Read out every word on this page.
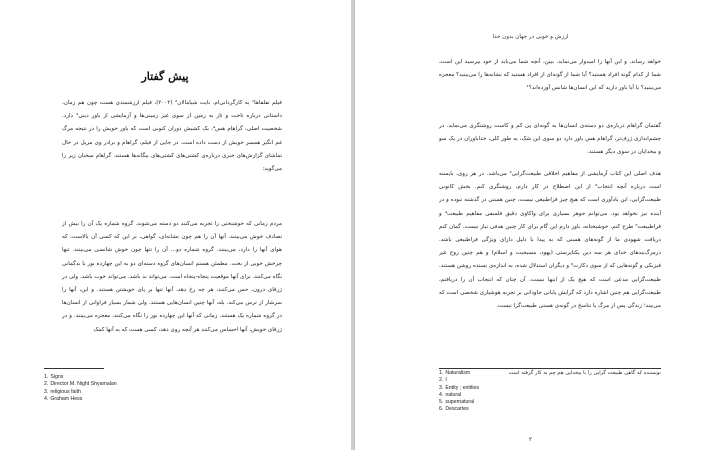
پیش گفتار

فیلم تفلقاها¹ به کارگردانی‌ام. نایت شیامالان² (۲۰۰۲)، فیلم ارزشمندی هست چون هم زمان، داستانی درباره تاخت و تاز به زمین از سوی غیر زمینی‌ها و آزمایشی از باور دینی³ دارد. شخصیت اصلی، گراهام هس⁴، یک کشیش دوران کنونی است که باور خویش را در نتیجه مرگ غم انگیز همسر خویش از دست داده است. در جایی از فیلم، گراهام و برادر وی مریل در حال تماشای گزارش‌های خبری درباره‌ی کشتی‌های کشتی‌های بیگانه‌ها هستند. گراهام سخنان زیر را می‌گوید:

مردم زمانی که خوشبختی را تجربه می‌کنند دو دسته می‌شوند. گروه شماره یک آن را بیش از تصادف خوش می‌بینند. آنها آن را هم چون نشانه‌ای، گواهی، بر این که کسی آن بالاست، که هوای آنها را دارد، می‌بینند. گروه شماره دو... آن را تنها چون خوش شانسی می‌بینند. تنها چرخش خوبی از بخت. مطمئن هستم انسان‌های گروه دسته‌ای دو به این چهارده نور با بدگمانی نگاه می‌کنند. برای آنها موقعیت پنجاه-پنجاه است. می‌تواند بد باشد. می‌تواند خوب باشد. ولی در ژرفای درون، حس می‌کنند، هر چه رخ دهد، آنها تنها بر پای خویشتن هستند. و این، آنها را سرشار از ترس می‌کند. بله، آنها چنین انسان‌هایی هستند. ولی شمار بسیار فراوانی از انسان‌ها در گروه شماره یک هستند. زمانی که آنها این چهارده نور را نگاه می‌کنند، معجزه می‌بینند. و در ژرفای خویش، آنها احساس می‌کنند هر آنچه روی دهد، کسی هست که به آنها کمک

1. Signs
2. Director M. Night Shyamalan
3. religious faith
4. Graham Hess
ارزش و خوبی در جهان بدون خدا

خواهد رساند. و این آنها را امیدوار می‌نماید. ببین، آنچه شما می‌باید از خود بپرسید این است، شما از کدام گونه افراد هستید؟ آیا شما از گونه‌ای از افراد هستید که نشانه‌ها را می‌بینید؟ معجزه می‌بینید؟ یا آیا باور دارید که این انسان‌ها شانس آورده‌اند؟¹

گفتمان گراهام درباره‌ی دو دسته‌ی انسان‌ها به گونه‌ای پی کم و کاست روشنگری می‌نماید. در چشم‌اندازی ژرف‌تر، گراهام هس باور دارد دو سوی این شک، به طور کلی، خداباوران در یک سو و بیخدایان در سوی دیگر هستند.

هدف اصلی این کتاب آزمایشی از مفاهیم اخلاقی طبیعت‌گرایی² می‌باشد. در هر روی، بایسته است درباره آنچه ابتجاب³ از این اصطلاح در کار دارم، روشنگری کنم. بخش کانونی طبیعت‌گرایی، این یادآوری است که هیچ چیز فراطبیعی نیست، چنین هستی در گذشته نبوده و در آینده نیز نخواهد بود. می‌توانم جوهر بسیاری برای واکاوی دقیق فلسفی مفاهیم طبیعت⁴ و فراطبیعت⁵ طرح کنم. خوشبختانه، باور دارم این گام برای کار چنین هدفی نیاز نیست. گمان کنم دریافت شهودی ما از گونه‌های هستی که به پیدا با دلیل دارای ویژگی فراطبیعی باشد. درمرگ‌بندهای خدای هر سه دین یکتاپرستی (یهود، مسیحیت و اسلام) و هم چنین روح غیر فیزیکی و گونه‌هایی که از سوی دکارت⁶ و دیگران استدلال شده، به اندازه‌ی بسنده روشن هستند. طبیعت‌گرایی مدعی است که هیچ یک از اینها نیست. آن چنان که ابتجاب آن را دریافتم، طبیعت‌گرایی هم چنین اشاره دارد که گرایش پایانی جاودانی بر تجربه هوشیاری شخصی است که می‌بیند؛ زندگی پس از مرگ یا تناسخ در گونه‌ی هستی طبیعت‌گرا نیست.

نویسنده که گاهی طبیعت گرایی را با بیخدایی هم چم به کار گرفته است
1. Naturalism
2. I
3. Entity ; entities
4. natural
5. supernatural
6. Descartes
۲
